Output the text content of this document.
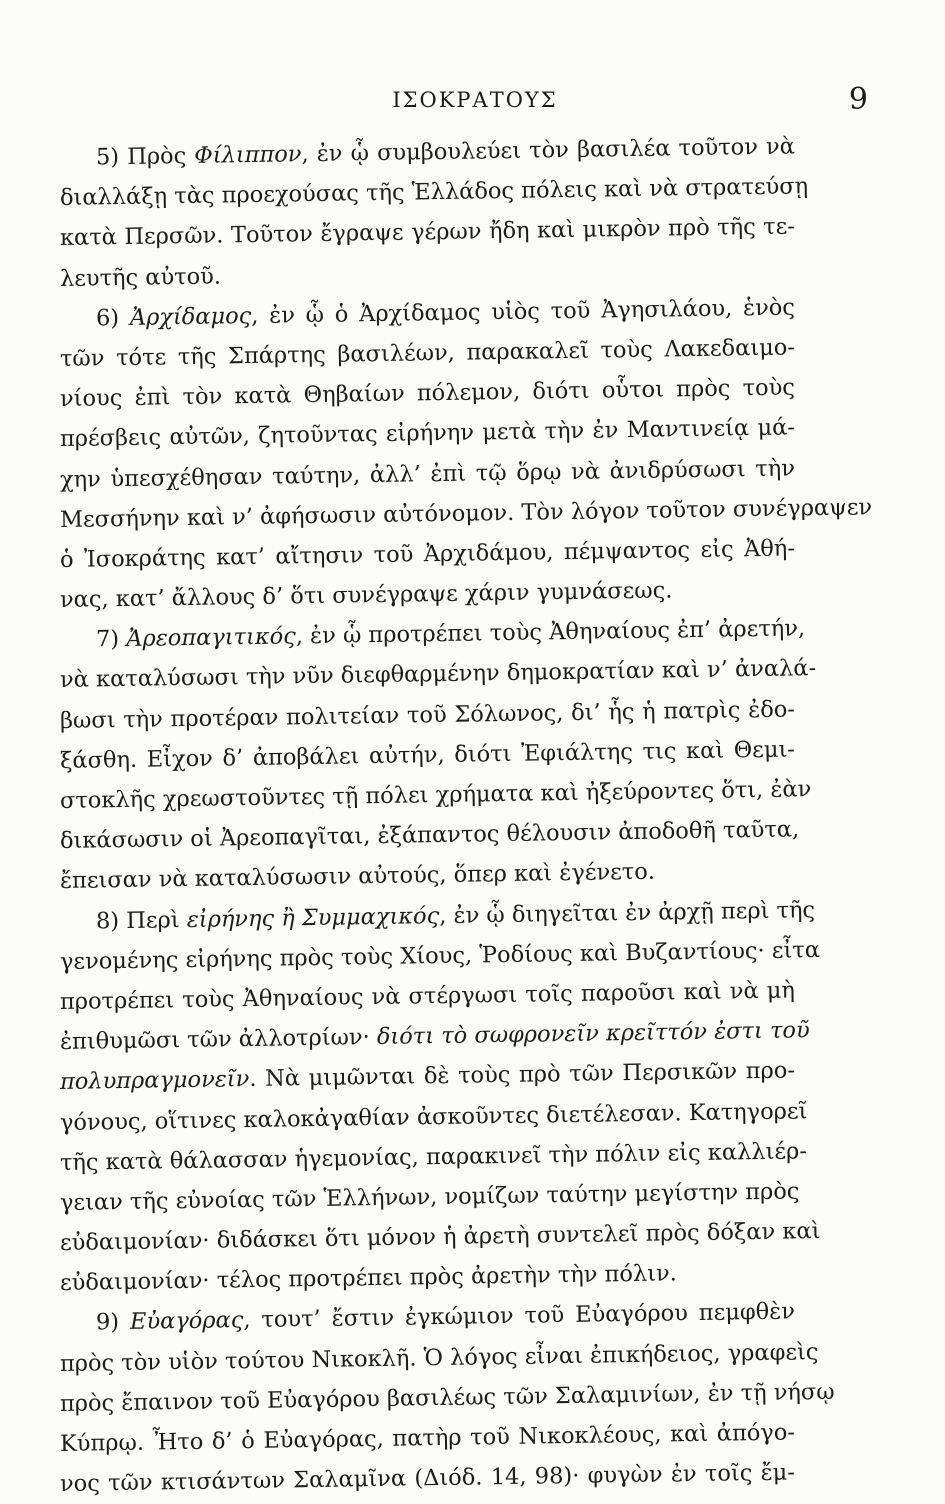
ΙΣΟΚΡΑΤΟΥΣ	9
5) Πρὸς Φίλιππον, ἐν ᾧ συμβουλεύει τὸν βασιλέα τοῦτον νὰ
διαλλάξῃ τὰς προεχούσας τῆς Ἑλλάδος πόλεις καὶ νὰ στρατεύσῃ
κατὰ Περσῶν. Τοῦτον ἔγραψε γέρων ἤδη καὶ μικρὸν πρὸ τῆς τε-
λευτῆς αὐτοῦ.
6) Ἀρχίδαμος, ἐν ᾧ ὁ Ἀρχίδαμος υἱὸς τοῦ Ἀγησιλάου, ἑνὸς
τῶν τότε τῆς Σπάρτης βασιλέων, παρακαλεῖ τοὺς Λακεδαιμο-
νίους ἐπὶ τὸν κατὰ Θηβαίων πόλεμον, διότι οὗτοι πρὸς τοὺς
πρέσβεις αὐτῶν, ζητοῦντας εἰρήνην μετὰ τὴν ἐν Μαντινείᾳ μά-
χην ὑπεσχέθησαν ταύτην, ἀλλ’ ἐπὶ τῷ ὅρῳ νὰ ἀνιδρύσωσι τὴν
Μεσσήνην καὶ ν’ ἀφήσωσιν αὐτόνομον. Τὸν λόγον τοῦτον συνέγραψεν
ὁ Ἰσοκράτης κατ’ αἴτησιν τοῦ Ἀρχιδάμου, πέμψαντος εἰς Ἀθή-
νας, κατ’ ἄλλους δ’ ὅτι συνέγραψε χάριν γυμνάσεως.
7) Ἀρεοπαγιτικός, ἐν ᾧ προτρέπει τοὺς Ἀθηναίους ἐπ’ ἀρετήν,
νὰ καταλύσωσι τὴν νῦν διεφθαρμένην δημοκρατίαν καὶ ν’ ἀναλά-
βωσι τὴν προτέραν πολιτείαν τοῦ Σόλωνος, δι’ ἧς ἡ πατρὶς ἐδο-
ξάσθη. Εἶχον δ’ ἀποβάλει αὐτήν, διότι Ἐφιάλτης τις καὶ Θεμι-
στοκλῆς χρεωστοῦντες τῇ πόλει χρήματα καὶ ἠξεύροντες ὅτι, ἐὰν
δικάσωσιν οἱ Ἀρεοπαγῖται, ἐξάπαντος θέλουσιν ἀποδοθῆ ταῦτα,
ἔπεισαν νὰ καταλύσωσιν αὐτούς, ὅπερ καὶ ἐγένετο.
8) Περὶ εἰρήνης ἢ Συμμαχικός, ἐν ᾧ διηγεῖται ἐν ἀρχῇ περὶ τῆς
γενομένης εἰρήνης πρὸς τοὺς Χίους, Ῥοδίους καὶ Βυζαντίους· εἶτα
προτρέπει τοὺς Ἀθηναίους νὰ στέργωσι τοῖς παροῦσι καὶ νὰ μὴ
ἐπιθυμῶσι τῶν ἀλλοτρίων· διότι τὸ σωφρονεῖν κρεῖττόν ἐστι τοῦ
πολυπραγμονεῖν. Νὰ μιμῶνται δὲ τοὺς πρὸ τῶν Περσικῶν προ-
γόνους, οἵτινες καλοκἀγαθίαν ἀσκοῦντες διετέλεσαν. Κατηγορεῖ
τῆς κατὰ θάλασσαν ἡγεμονίας, παρακινεῖ τὴν πόλιν εἰς καλλιέρ-
γειαν τῆς εὐνοίας τῶν Ἑλλήνων, νομίζων ταύτην μεγίστην πρὸς
εὐδαιμονίαν· διδάσκει ὅτι μόνον ἡ ἀρετὴ συντελεῖ πρὸς δόξαν καὶ
εὐδαιμονίαν· τέλος προτρέπει πρὸς ἀρετὴν τὴν πόλιν.
9) Εὐαγόρας, τουτ’ ἔστιν ἐγκώμιον τοῦ Εὐαγόρου πεμφθὲν
πρὸς τὸν υἱὸν τούτου Νικοκλῆ. Ὁ λόγος εἶναι ἐπικήδειος, γραφεὶς
πρὸς ἔπαινον τοῦ Εὐαγόρου βασιλέως τῶν Σαλαμινίων, ἐν τῇ νήσῳ
Κύπρῳ. Ἦτο δ’ ὁ Εὐαγόρας, πατὴρ τοῦ Νικοκλέους, καὶ ἀπόγο-
νος τῶν κτισάντων Σαλαμῖνα (Διόδ. 14, 98)· φυγὼν ἐν τοῖς ἔμ-
